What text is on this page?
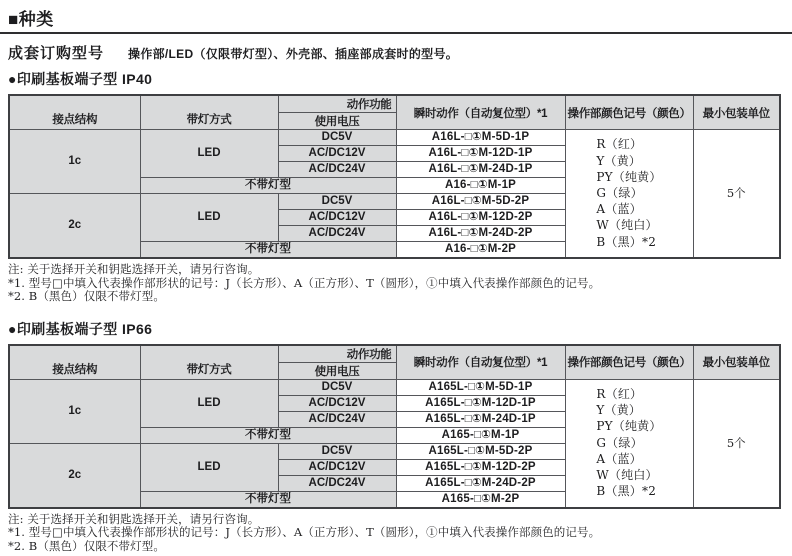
■种类
成套订购型号 操作部/LED（仅限带灯型）、外壳部、插座部成套时的型号。
●印刷基板端子型 IP40
接点结构	带灯方式	动作功能	瞬时动作（自动复位型）*1	操作部颜色记号（颜色）	最小包装单位
		使用电压			
1c	LED	DC5V	A16L-□①M-5D-1P	
R（红）
Y（黄）
PY（纯黄）
G（绿）
A（蓝）
W（纯白）
B（黑）*2
	5个
		AC/DC12V	A16L-□①M-12D-1P		
		AC/DC24V	A16L-□①M-24D-1P		
	不带灯型		A16-□①M-1P		
2c	LED	DC5V	A16L-□①M-5D-2P		
		AC/DC12V	A16L-□①M-12D-2P		
		AC/DC24V	A16L-□①M-24D-2P		
	不带灯型		A16-□①M-2P		

注: 关于选择开关和钥匙选择开关，请另行咨询。

*1. 型号□中填入代表操作部形状的记号：J（长方形）、A（正方形）、T（圆形），①中填入代表操作部颜色的记号。

*2. B（黑色）仅限不带灯型。

●印刷基板端子型 IP66
接点结构	带灯方式	动作功能	瞬时动作（自动复位型）*1	操作部颜色记号（颜色）	最小包装单位
		使用电压			
1c	LED	DC5V	A165L-□①M-5D-1P	
R（红）
Y（黄）
PY（纯黄）
G（绿）
A（蓝）
W（纯白）
B（黑）*2
	5个
		AC/DC12V	A165L-□①M-12D-1P		
		AC/DC24V	A165L-□①M-24D-1P		
	不带灯型		A165-□①M-1P		
2c	LED	DC5V	A165L-□①M-5D-2P		
		AC/DC12V	A165L-□①M-12D-2P		
		AC/DC24V	A165L-□①M-24D-2P		
	不带灯型		A165-□①M-2P		

注: 关于选择开关和钥匙选择开关，请另行咨询。

*1. 型号□中填入代表操作部形状的记号：J（长方形）、A（正方形）、T（圆形），①中填入代表操作部颜色的记号。

*2. B（黑色）仅限不带灯型。
